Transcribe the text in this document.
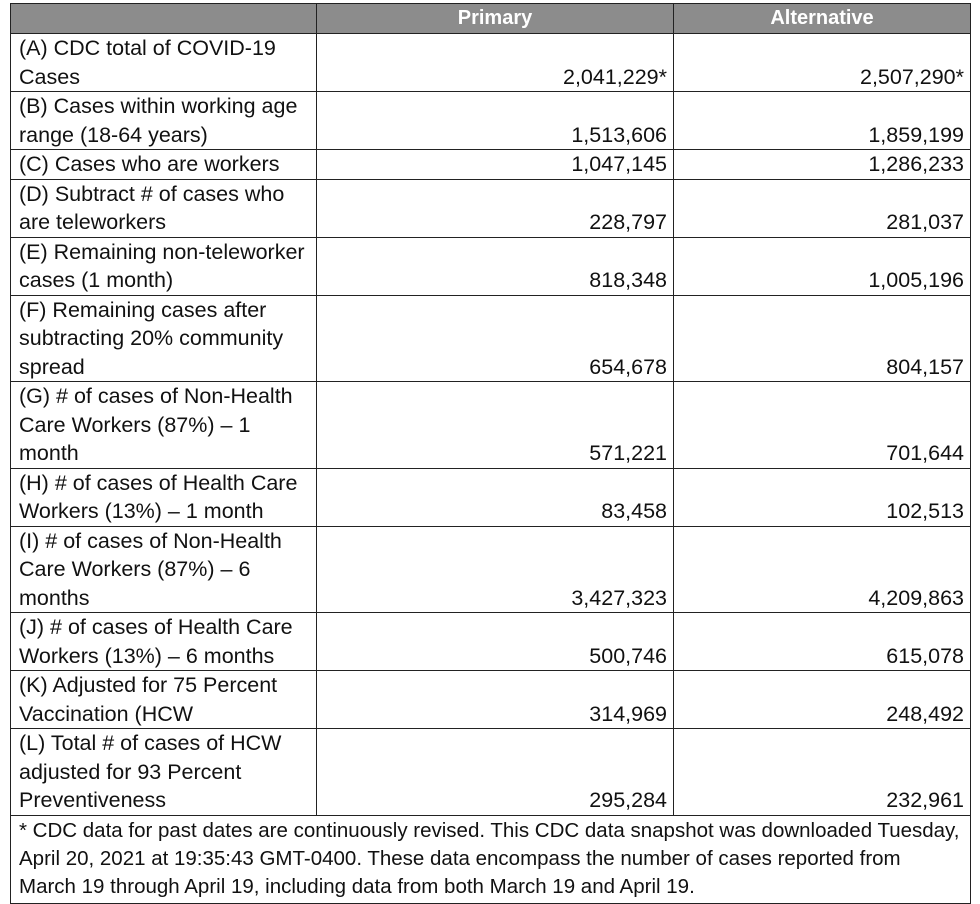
	Primary	Alternative
(A) CDC total of COVID-19 Cases	2,041,229*	2,507,290*
(B) Cases within working age range (18-64 years)	1,513,606	1,859,199
(C) Cases who are workers	1,047,145	1,286,233
(D) Subtract # of cases who are teleworkers	228,797	281,037
(E) Remaining non-teleworker cases (1 month)	818,348	1,005,196
(F) Remaining cases after subtracting 20% community spread	654,678	804,157
(G) # of cases of Non-Health Care Workers (87%) – 1 month	571,221	701,644
(H) # of cases of Health Care Workers (13%) – 1 month	83,458	102,513
(I) # of cases of Non-Health Care Workers (87%) – 6 months	3,427,323	4,209,863
(J) # of cases of Health Care Workers (13%) – 6 months	500,746	615,078
(K) Adjusted for 75 Percent Vaccination (HCW	314,969	248,492
(L) Total # of cases of HCW adjusted for 93 Percent Preventiveness	295,284	232,961
* CDC data for past dates are continuously revised. This CDC data snapshot was downloaded Tuesday, April 20, 2021 at 19:35:43 GMT-0400. These data encompass the number of cases reported from March 19 through April 19, including data from both March 19 and April 19.		
